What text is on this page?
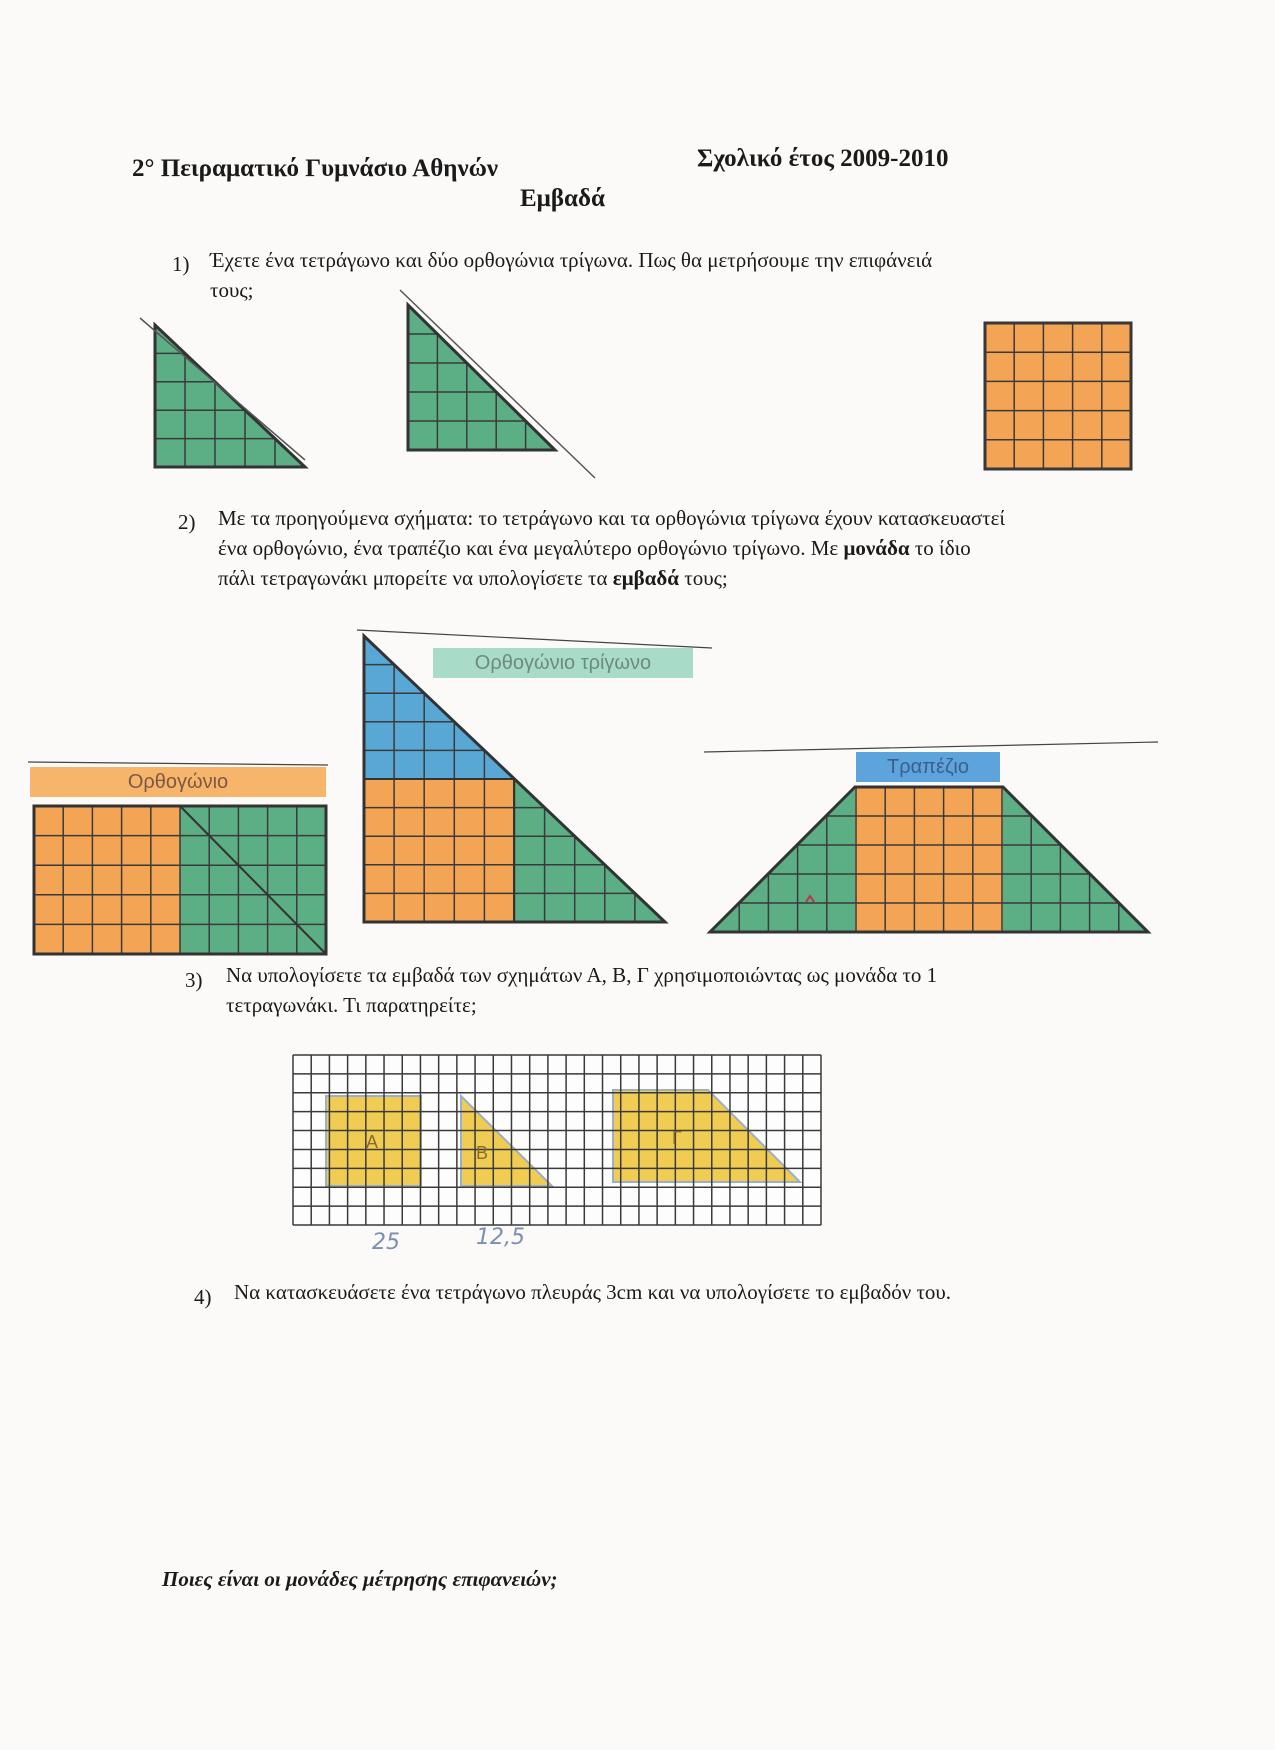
2° Πειραματικό Γυμνάσιο Αθηνών	Σχολικό έτος 2009-2010
Εμβαδά
1) Έχετε ένα τετράγωνο και δύο ορθογώνια τρίγωνα. Πως θα μετρήσουμε την επιφάνειά τους;
2) Με τα προηγούμενα σχήματα: το τετράγωνο και τα ορθογώνια τρίγωνα έχουν κατασκευαστεί ένα ορθογώνιο, ένα τραπέζιο και ένα μεγαλύτερο ορθογώνιο τρίγωνο. Με μονάδα το ίδιο πάλι τετραγωνάκι μπορείτε να υπολογίσετε τα εμβαδά τους;
Ορθογώνιο
Ορθογώνιο τρίγωνο
Τραπέζιο
3) Να υπολογίσετε τα εμβαδά των σχημάτων Α, Β, Γ χρησιμοποιώντας ως μονάδα το 1 τετραγωνάκι. Τι παρατηρείτε;
Α
Β
Γ
25	12,5
4) Να κατασκευάσετε ένα τετράγωνο πλευράς 3cm και να υπολογίσετε το εμβαδόν του.
Ποιες είναι οι μονάδες μέτρησης επιφανειών;
